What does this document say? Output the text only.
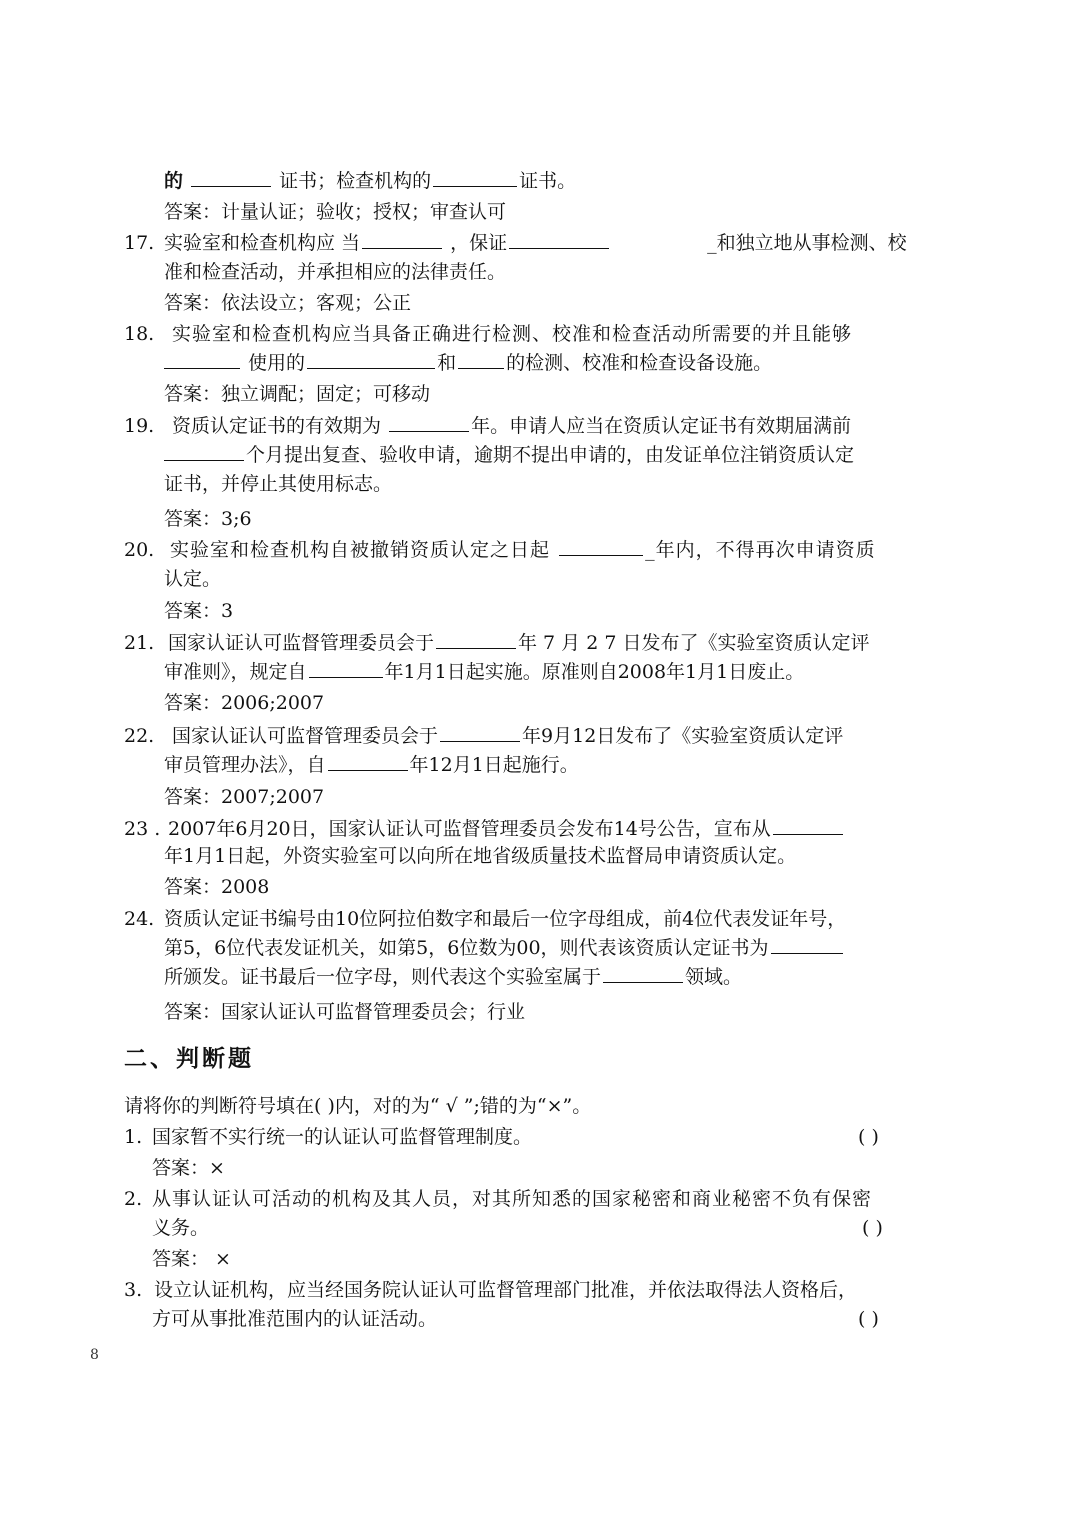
的	证书；检查机构的	证书。
答案：计量认证；验收；授权；审查认可
17. 实验室和检查机构应 当	，保证	_和独立地从事检测、校
准和检查活动，并承担相应的法律责任。
答案：依法设立；客观；公正
18. 实验室和检查机构应当具备正确进行检测、校准和检查活动所需要的并且能够
使用的	和	的检测、校准和检查设备设施。
答案：独立调配；固定；可移动
19. 资质认定证书的有效期为	年。申请人应当在资质认定证书有效期届满前
个月提出复查、验收申请，逾期不提出申请的，由发证单位注销资质认定
证书，并停止其使用标志。
答案：3;6
20. 实验室和检查机构自被撤销资质认定之日起	_年内，不得再次申请资质
认定。
答案：3
21. 国家认证认可监督管理委员会于	年 7 月 2 7 日发布了《实验室资质认定评
审准则》，规定自	年1月1日起实施。原准则自2008年1月1日废止。
答案：2006;2007
22. 国家认证认可监督管理委员会于	年9月12日发布了《实验室资质认定评
审员管理办法》，自	年12月1日起施行。
答案：2007;2007
23 . 2007年6月20日，国家认证认可监督管理委员会发布14号公告，宣布从
年1月1日起，外资实验室可以向所在地省级质量技术监督局申请资质认定。
答案：2008
24. 资质认定证书编号由10位阿拉伯数字和最后一位字母组成，前4位代表发证年号，
第5，6位代表发证机关，如第5，6位数为00，则代表该资质认定证书为
所颁发。证书最后一位字母，则代表这个实验室属于	领域。
答案：国家认证认可监督管理委员会；行业
二、判断题
请将你的判断符号填在( )内，对的为“ √ ”;错的为“×”。
1. 国家暂不实行统一的认证认可监督管理制度。	( )
答案：×
2. 从事认证认可活动的机构及其人员，对其所知悉的国家秘密和商业秘密不负有保密
义务。	( )
答案： ×
3. 设立认证机构，应当经国务院认证认可监督管理部门批准，并依法取得法人资格后，
方可从事批准范围内的认证活动。	( )
8
